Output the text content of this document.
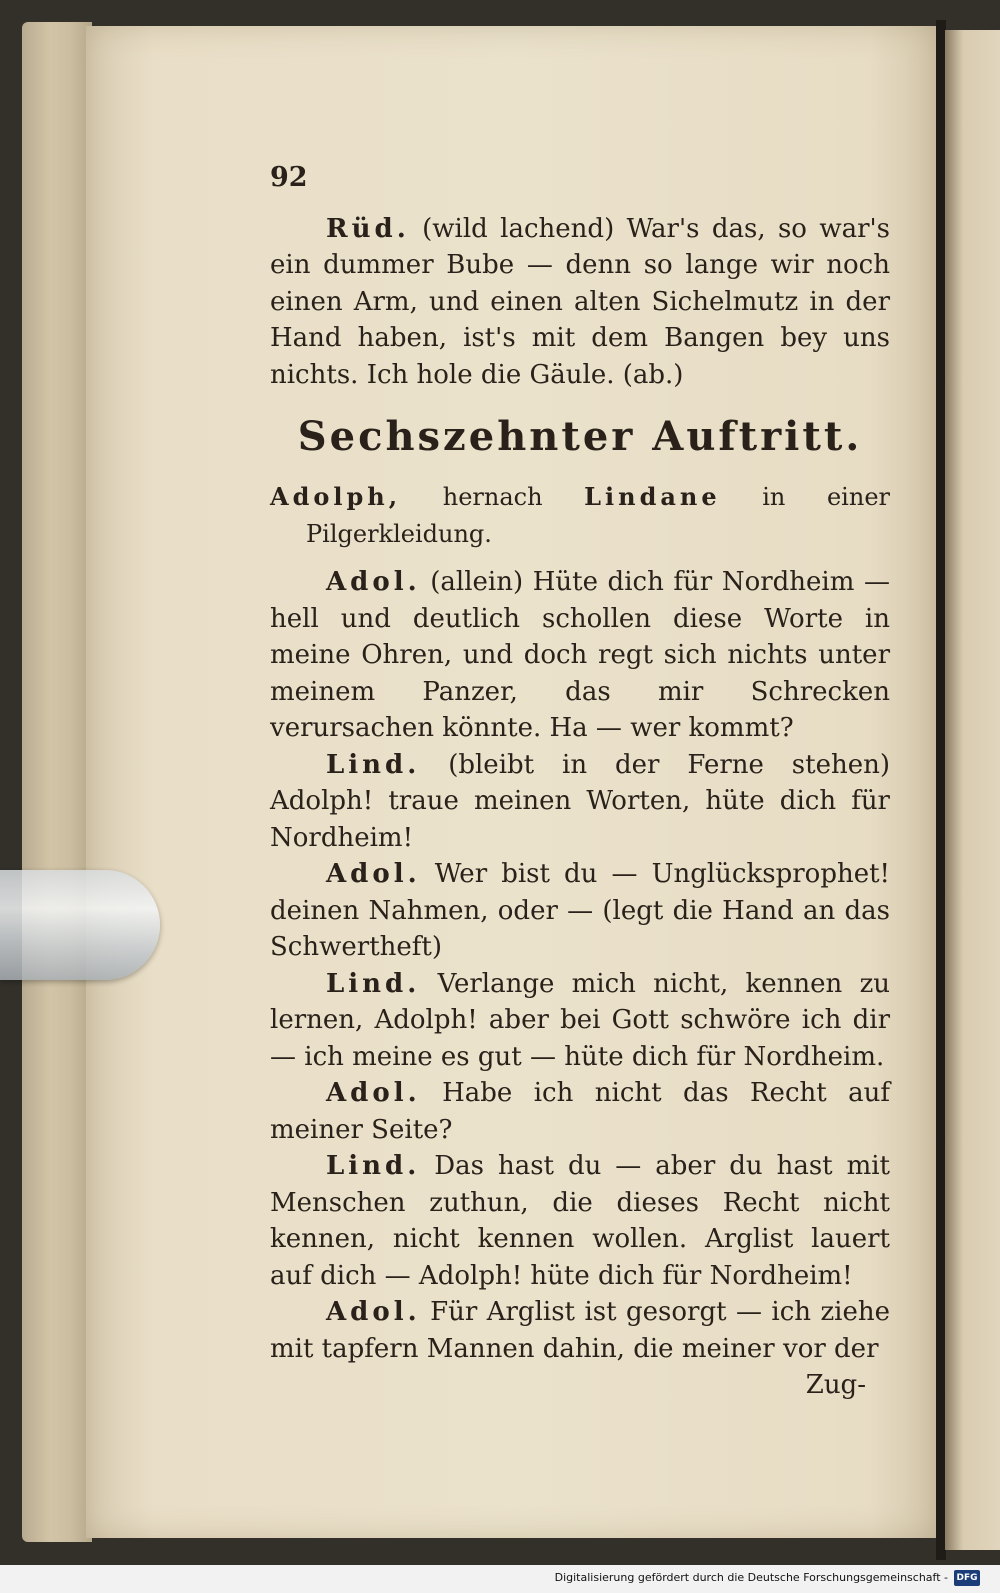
92

Rüd. (wild lachend) War's das, so war's ein dummer Bube — denn so lange wir noch einen Arm, und einen alten Sichelmutz in der Hand haben, ist's mit dem Bangen bey uns nichts. Ich hole die Gäule. (ab.)

Sechszehnter Auftritt.

Adolph, hernach Lindane in einer Pilgerkleidung.

Adol. (allein) Hüte dich für Nordheim — hell und deutlich schollen diese Worte in meine Ohren, und doch regt sich nichts unter meinem Panzer, das mir Schrecken verursachen könnte. Ha — wer kommt?

Lind. (bleibt in der Ferne stehen) Adolph! traue meinen Worten, hüte dich für Nordheim!

Adol. Wer bist du — Unglücksprophet! deinen Nahmen, oder — (legt die Hand an das Schwertheft)

Lind. Verlange mich nicht, kennen zu lernen, Adolph! aber bei Gott schwöre ich dir — ich meine es gut — hüte dich für Nordheim.

Adol. Habe ich nicht das Recht auf meiner Seite?

Lind. Das hast du — aber du hast mit Menschen zuthun, die dieses Recht nicht kennen, nicht kennen wollen. Arglist lauert auf dich — Adolph! hüte dich für Nordheim!

Adol. Für Arglist ist gesorgt — ich ziehe mit tapfern Mannen dahin, die meiner vor der

Zug-
Digitalisierung gefördert durch die Deutsche Forschungsgemeinschaft - DFG
